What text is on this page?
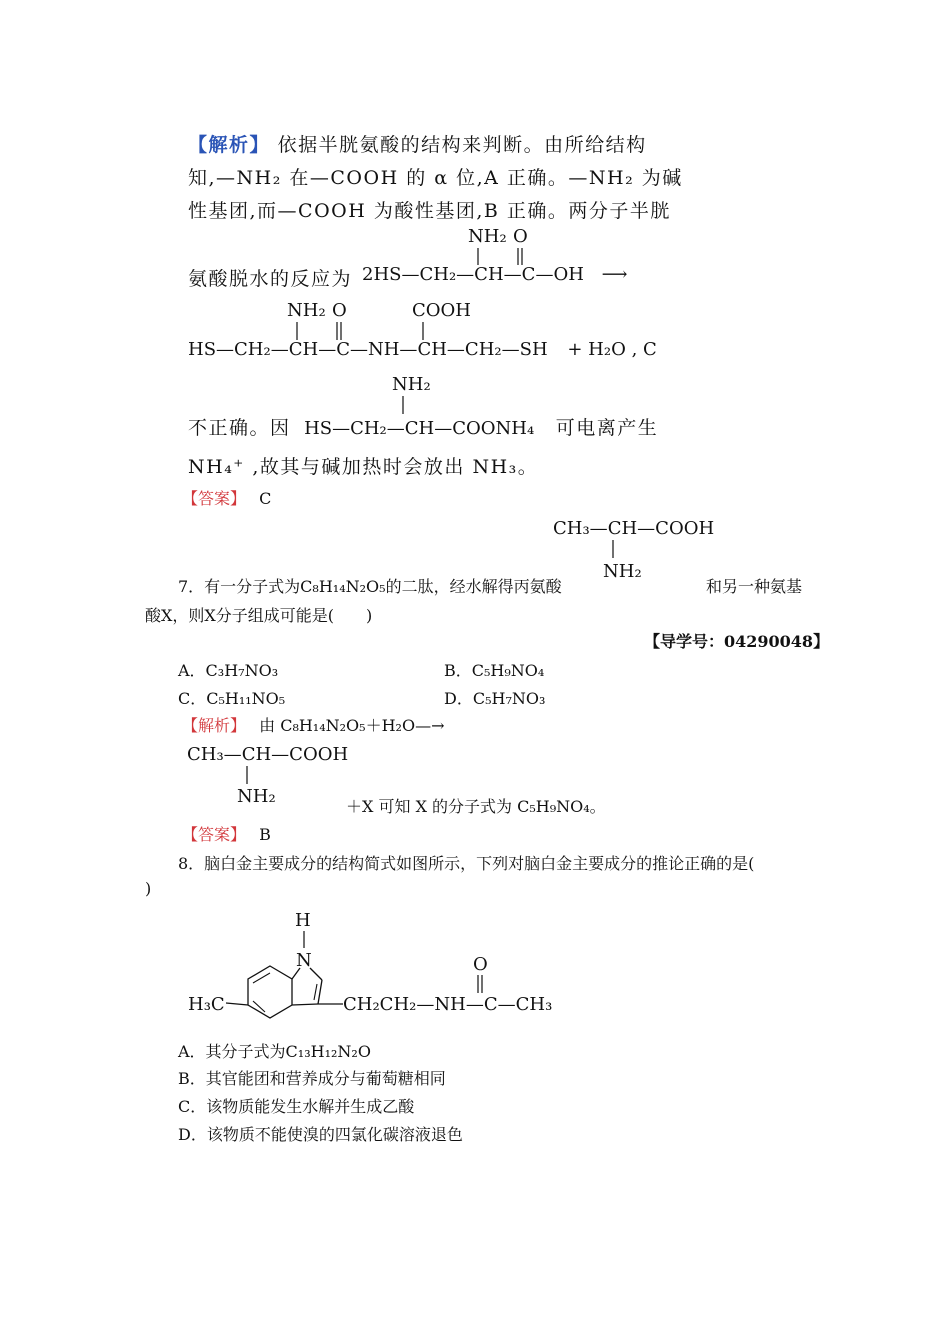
【解析】 依据半胱氨酸的结构来判断。由所给结构
知,—NH₂ 在—COOH 的 α 位,A 正确。—NH₂ 为碱
性基团,而—COOH 为酸性基团,B 正确。两分子半胱
氨酸脱水的反应为
NH₂ O
2HS—CH₂—CH—C—OH ⟶
NH₂ O	COOH
HS—CH₂—CH—C—NH—CH—CH₂—SH + H₂O , C
NH₂
不正确。因 HS—CH₂—CH—COONH₄ 可电离产生
NH₄⁺ ,故其与碱加热时会放出 NH₃。
【答案】 C
CH₃—CH—COOH
NH₂
7．有一分子式为C₈H₁₄N₂O₅的二肽，经水解得丙氨酸	和另一种氨基
酸X，则X分子组成可能是(　　)
【导学号：04290048】
A．C₃H₇NO₃	B．C₅H₉NO₄
C．C₅H₁₁NO₅	D．C₅H₇NO₃
【解析】 由 C₈H₁₄N₂O₅＋H₂O—→
CH₃—CH—COOH
NH₂	＋X 可知 X 的分子式为 C₅H₉NO₄。
【答案】 B
8．脑白金主要成分的结构简式如图所示，下列对脑白金主要成分的推论正确的是(
)
H
N	O
H₃C	CH₂CH₂—NH—C—CH₃
A．其分子式为C₁₃H₁₂N₂O
B．其官能团和营养成分与葡萄糖相同
C．该物质能发生水解并生成乙酸
D．该物质不能使溴的四氯化碳溶液退色
